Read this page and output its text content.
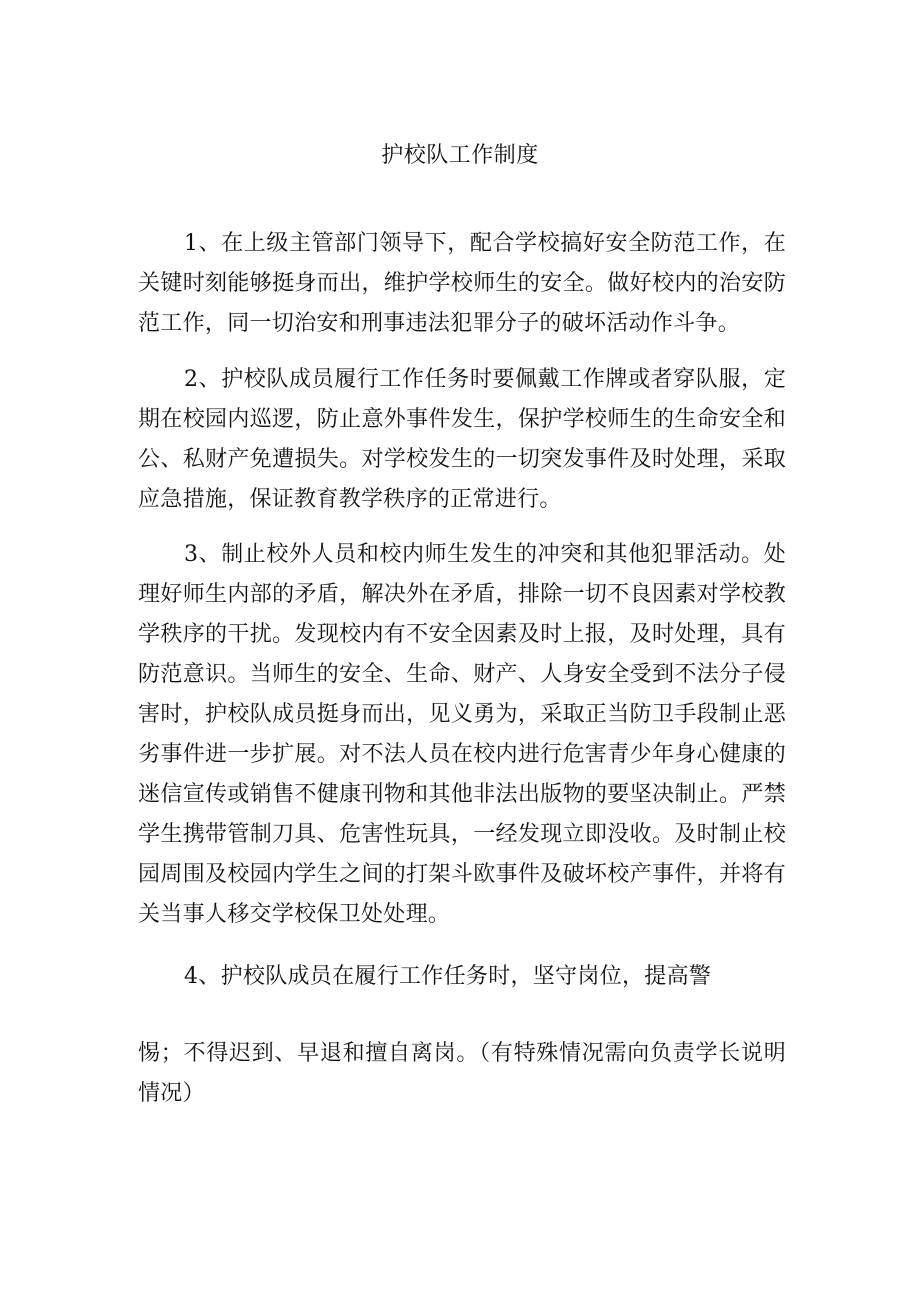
护校队工作制度

1、在上级主管部门领导下，配合学校搞好安全防范工作，在关键时刻能够挺身而出，维护学校师生的安全。做好校内的治安防范工作，同一切治安和刑事违法犯罪分子的破坏活动作斗争。

2、护校队成员履行工作任务时要佩戴工作牌或者穿队服，定期在校园内巡逻，防止意外事件发生，保护学校师生的生命安全和公、私财产免遭损失。对学校发生的一切突发事件及时处理，采取应急措施，保证教育教学秩序的正常进行。

3、制止校外人员和校内师生发生的冲突和其他犯罪活动。处理好师生内部的矛盾，解决外在矛盾，排除一切不良因素对学校教学秩序的干扰。发现校内有不安全因素及时上报，及时处理，具有防范意识。当师生的安全、生命、财产、人身安全受到不法分子侵害时，护校队成员挺身而出，见义勇为，采取正当防卫手段制止恶劣事件进一步扩展。对不法人员在校内进行危害青少年身心健康的迷信宣传或销售不健康刊物和其他非法出版物的要坚决制止。严禁学生携带管制刀具、危害性玩具，一经发现立即没收。及时制止校园周围及校园内学生之间的打架斗欧事件及破坏校产事件，并将有关当事人移交学校保卫处处理。

4、护校队成员在履行工作任务时，坚守岗位，提高警

惕；不得迟到、早退和擅自离岗。（有特殊情况需向负责学长说明情况）
